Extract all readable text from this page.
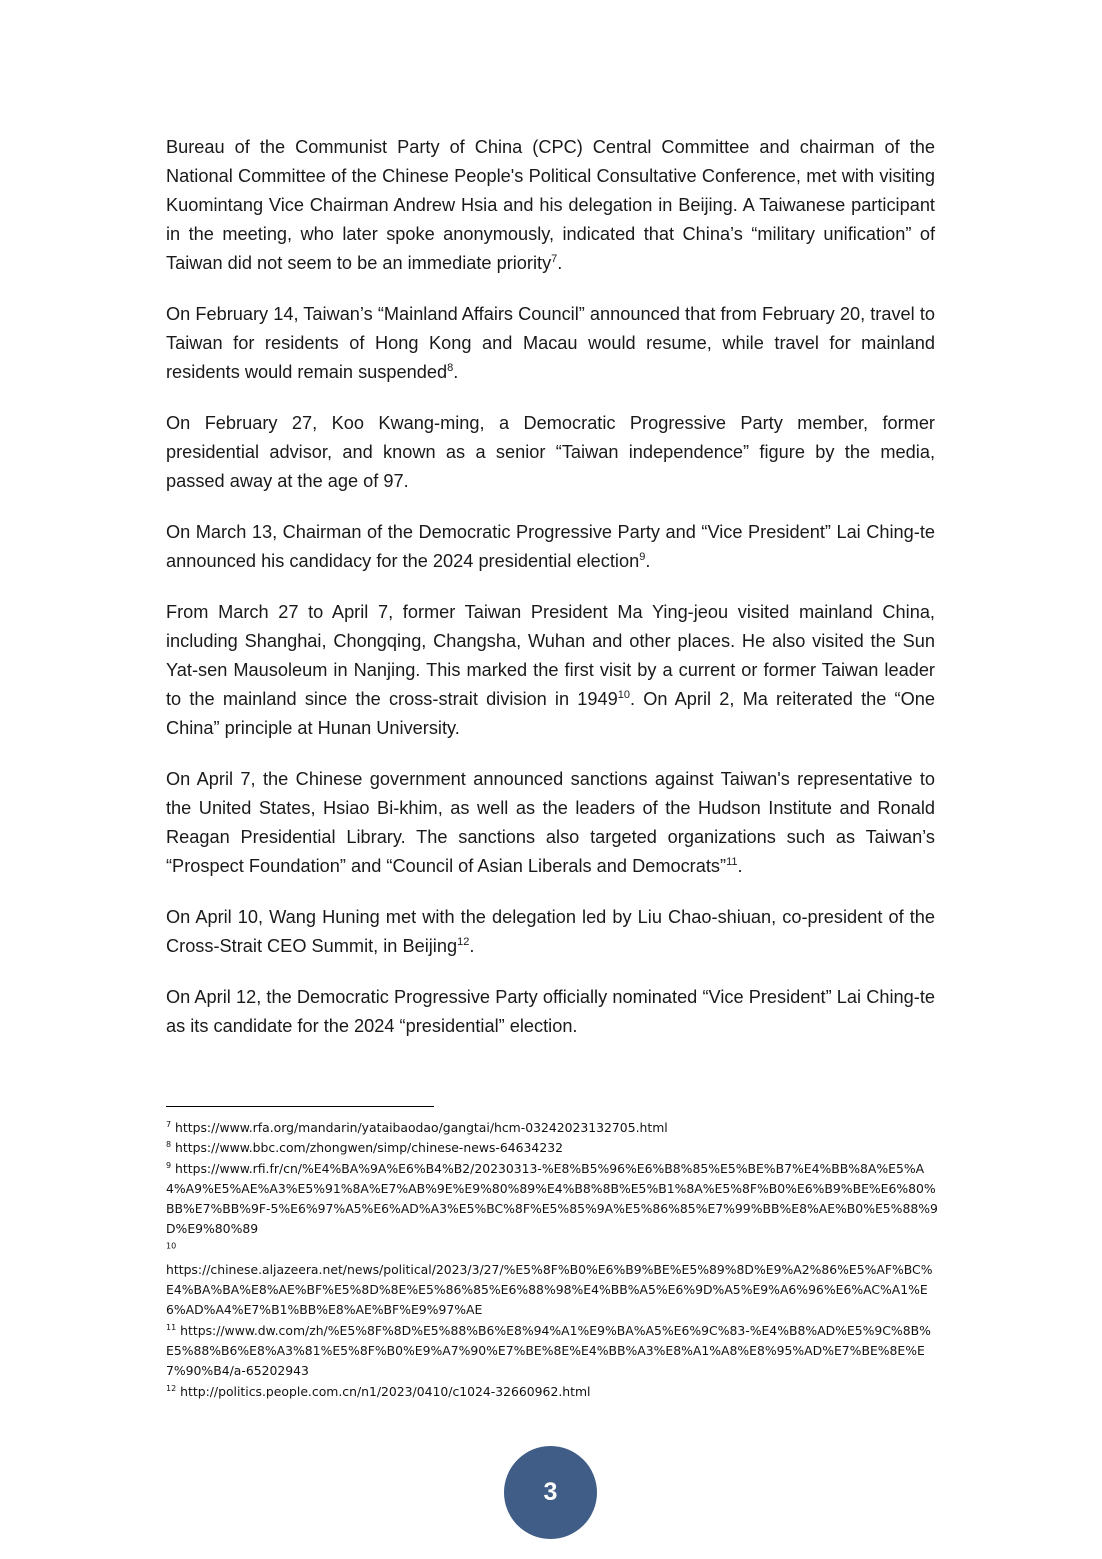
Bureau of the Communist Party of China (CPC) Central Committee and chairman of the National Committee of the Chinese People's Political Consultative Conference, met with visiting Kuomintang Vice Chairman Andrew Hsia and his delegation in Beijing. A Taiwanese participant in the meeting, who later spoke anonymously, indicated that China’s “military unification” of Taiwan did not seem to be an immediate priority$^7$.

On February 14, Taiwan’s “Mainland Affairs Council” announced that from February 20, travel to Taiwan for residents of Hong Kong and Macau would resume, while travel for mainland residents would remain suspended$^8$.

On February 27, Koo Kwang-ming, a Democratic Progressive Party member, former presidential advisor, and known as a senior “Taiwan independence” figure by the media, passed away at the age of 97.

On March 13, Chairman of the Democratic Progressive Party and “Vice President” Lai Ching-te announced his candidacy for the 2024 presidential election$^9$.

From March 27 to April 7, former Taiwan President Ma Ying-jeou visited mainland China, including Shanghai, Chongqing, Changsha, Wuhan and other places. He also visited the Sun Yat-sen Mausoleum in Nanjing. This marked the first visit by a current or former Taiwan leader to the mainland since the cross-strait division in 1949$^{10}$. On April 2, Ma reiterated the “One China” principle at Hunan University.

On April 7, the Chinese government announced sanctions against Taiwan's representative to the United States, Hsiao Bi-khim, as well as the leaders of the Hudson Institute and Ronald Reagan Presidential Library. The sanctions also targeted organizations such as Taiwan’s “Prospect Foundation” and “Council of Asian Liberals and Democrats”$^{11}$.

On April 10, Wang Huning met with the delegation led by Liu Chao-shiuan, co-president of the Cross-Strait CEO Summit, in Beijing$^{12}$.

On April 12, the Democratic Progressive Party officially nominated “Vice President” Lai Ching-te as its candidate for the 2024 “presidential” election.

$^7$ https://www.rfa.org/mandarin/yataibaodao/gangtai/hcm-03242023132705.html

$^8$ https://www.bbc.com/zhongwen/simp/chinese-news-64634232

$^9$ https://www.rfi.fr/cn/%E4%BA%9A%E6%B4%B2/20230313-%E8%B5%96%E6%B8%85%E5%BE%B7%E4%BB%8A%E5%A4%A9%E5%AE%A3%E5%91%8A%E7%AB%9E%E9%80%89%E4%B8%8B%E5%B1%8A%E5%8F%B0%E6%B9%BE%E6%80%BB%E7%BB%9F-5%E6%97%A5%E6%AD%A3%E5%BC%8F%E5%85%9A%E5%86%85%E7%99%BB%E8%AE%B0%E5%88%9D%E9%80%89

$^{10}$

https://chinese.aljazeera.net/news/political/2023/3/27/%E5%8F%B0%E6%B9%BE%E5%89%8D%E9%A2%86%E5%AF%BC%E4%BA%BA%E8%AE%BF%E5%8D%8E%E5%86%85%E6%88%98%E4%BB%A5%E6%9D%A5%E9%A6%96%E6%AC%A1%E6%AD%A4%E7%B1%BB%E8%AE%BF%E9%97%AE

$^{11}$ https://www.dw.com/zh/%E5%8F%8D%E5%88%B6%E8%94%A1%E9%BA%A5%E6%9C%83-%E4%B8%AD%E5%9C%8B%E5%88%B6%E8%A3%81%E5%8F%B0%E9%A7%90%E7%BE%8E%E4%BB%A3%E8%A1%A8%E8%95%AD%E7%BE%8E%E7%90%B4/a-65202943

$^{12}$ http://politics.people.com.cn/n1/2023/0410/c1024-32660962.html

3
